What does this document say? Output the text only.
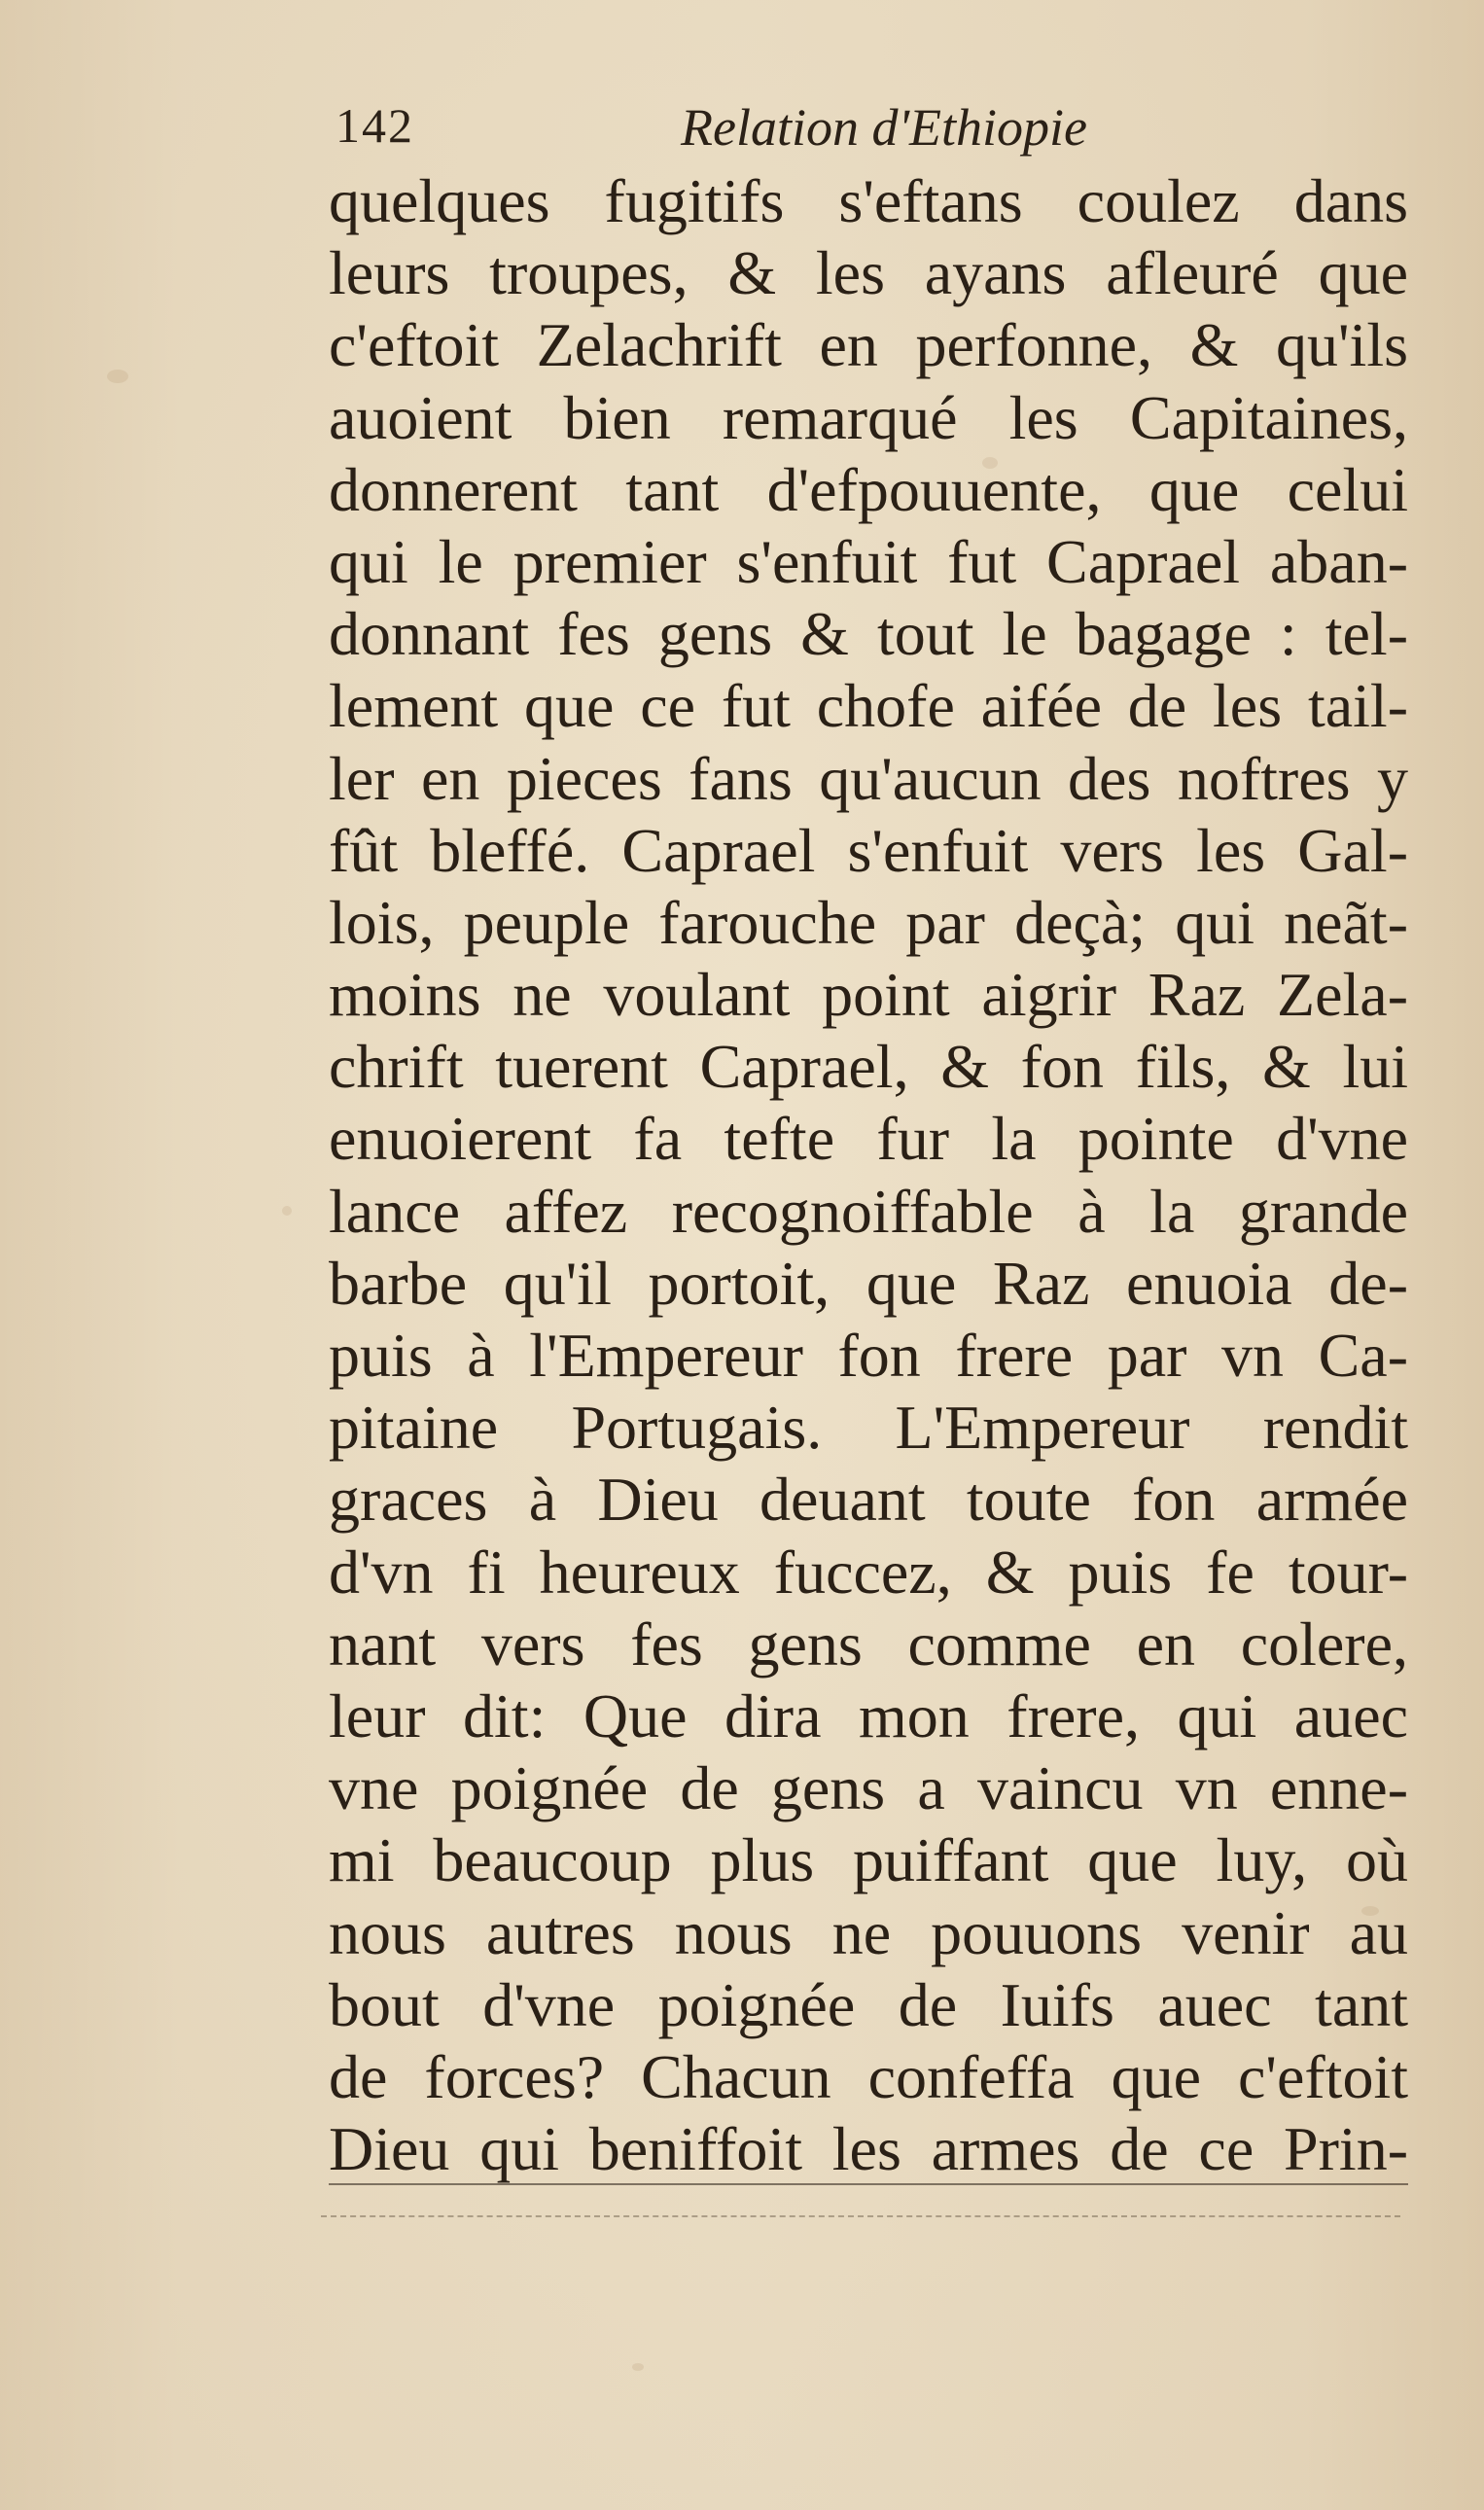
142	Relation d'Ethiopie
quelques fugitifs s'eftans coulez dans
leurs troupes, & les ayans afleuré que
c'eftoit Zelachrift en perfonne, & qu'ils
auoient bien remarqué les Capitaines,
donnerent tant d'efpouuente, que celui
qui le premier s'enfuit fut Caprael aban-
donnant fes gens & tout le bagage : tel-
lement que ce fut chofe aifée de les tail-
ler en pieces fans qu'aucun des noftres y
fût bleffé. Caprael s'enfuit vers les Gal-
lois, peuple farouche par deçà; qui neãt-
moins ne voulant point aigrir Raz Zela-
chrift tuerent Caprael, & fon fils, & lui
enuoierent fa tefte fur la pointe d'vne
lance affez recognoiffable à la grande
barbe qu'il portoit, que Raz enuoia de-
puis à l'Empereur fon frere par vn Ca-
pitaine Portugais. L'Empereur rendit
graces à Dieu deuant toute fon armée
d'vn fi heureux fuccez, & puis fe tour-
nant vers fes gens comme en colere,
leur dit: Que dira mon frere, qui auec
vne poignée de gens a vaincu vn enne-
mi beaucoup plus puiffant que luy, où
nous autres nous ne pouuons venir au
bout d'vne poignée de Iuifs auec tant
de forces? Chacun confeffa que c'eftoit
Dieu qui beniffoit les armes de ce Prin-
